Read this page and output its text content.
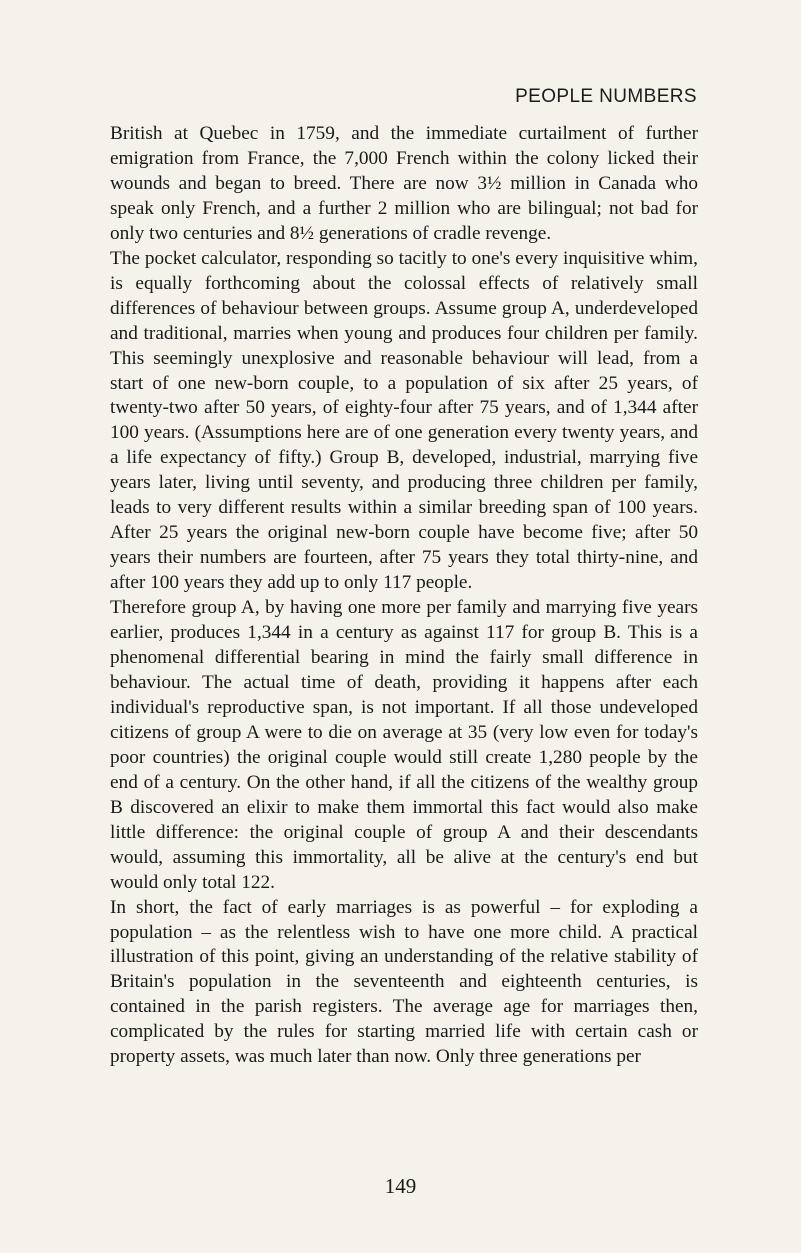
PEOPLE NUMBERS

British at Quebec in 1759, and the immediate curtailment of further emigration from France, the 7,000 French within the colony licked their wounds and began to breed. There are now 3½ million in Canada who speak only French, and a further 2 million who are bilingual; not bad for only two centuries and 8½ generations of cradle revenge.

The pocket calculator, responding so tacitly to one's every inquisitive whim, is equally forthcoming about the colossal effects of relatively small differences of behaviour between groups. Assume group A, underdeveloped and traditional, marries when young and produces four children per family. This seemingly unexplosive and reasonable behaviour will lead, from a start of one new-born couple, to a population of six after 25 years, of twenty-two after 50 years, of eighty-four after 75 years, and of 1,344 after 100 years. (Assumptions here are of one generation every twenty years, and a life expectancy of fifty.) Group B, developed, industrial, marrying five years later, living until seventy, and producing three children per family, leads to very different results within a similar breeding span of 100 years. After 25 years the original new-born couple have become five; after 50 years their numbers are fourteen, after 75 years they total thirty-nine, and after 100 years they add up to only 117 people.

Therefore group A, by having one more per family and marrying five years earlier, produces 1,344 in a century as against 117 for group B. This is a phenomenal differential bearing in mind the fairly small difference in behaviour. The actual time of death, providing it happens after each individual's reproductive span, is not important. If all those undeveloped citizens of group A were to die on average at 35 (very low even for today's poor countries) the original couple would still create 1,280 people by the end of a century. On the other hand, if all the citizens of the wealthy group B discovered an elixir to make them immortal this fact would also make little difference: the original couple of group A and their descendants would, assuming this immortality, all be alive at the century's end but would only total 122.

In short, the fact of early marriages is as powerful – for exploding a population – as the relentless wish to have one more child. A practical illustration of this point, giving an understanding of the relative stability of Britain's population in the seventeenth and eighteenth centuries, is contained in the parish registers. The average age for marriages then, complicated by the rules for starting married life with certain cash or property assets, was much later than now. Only three generations per

149
